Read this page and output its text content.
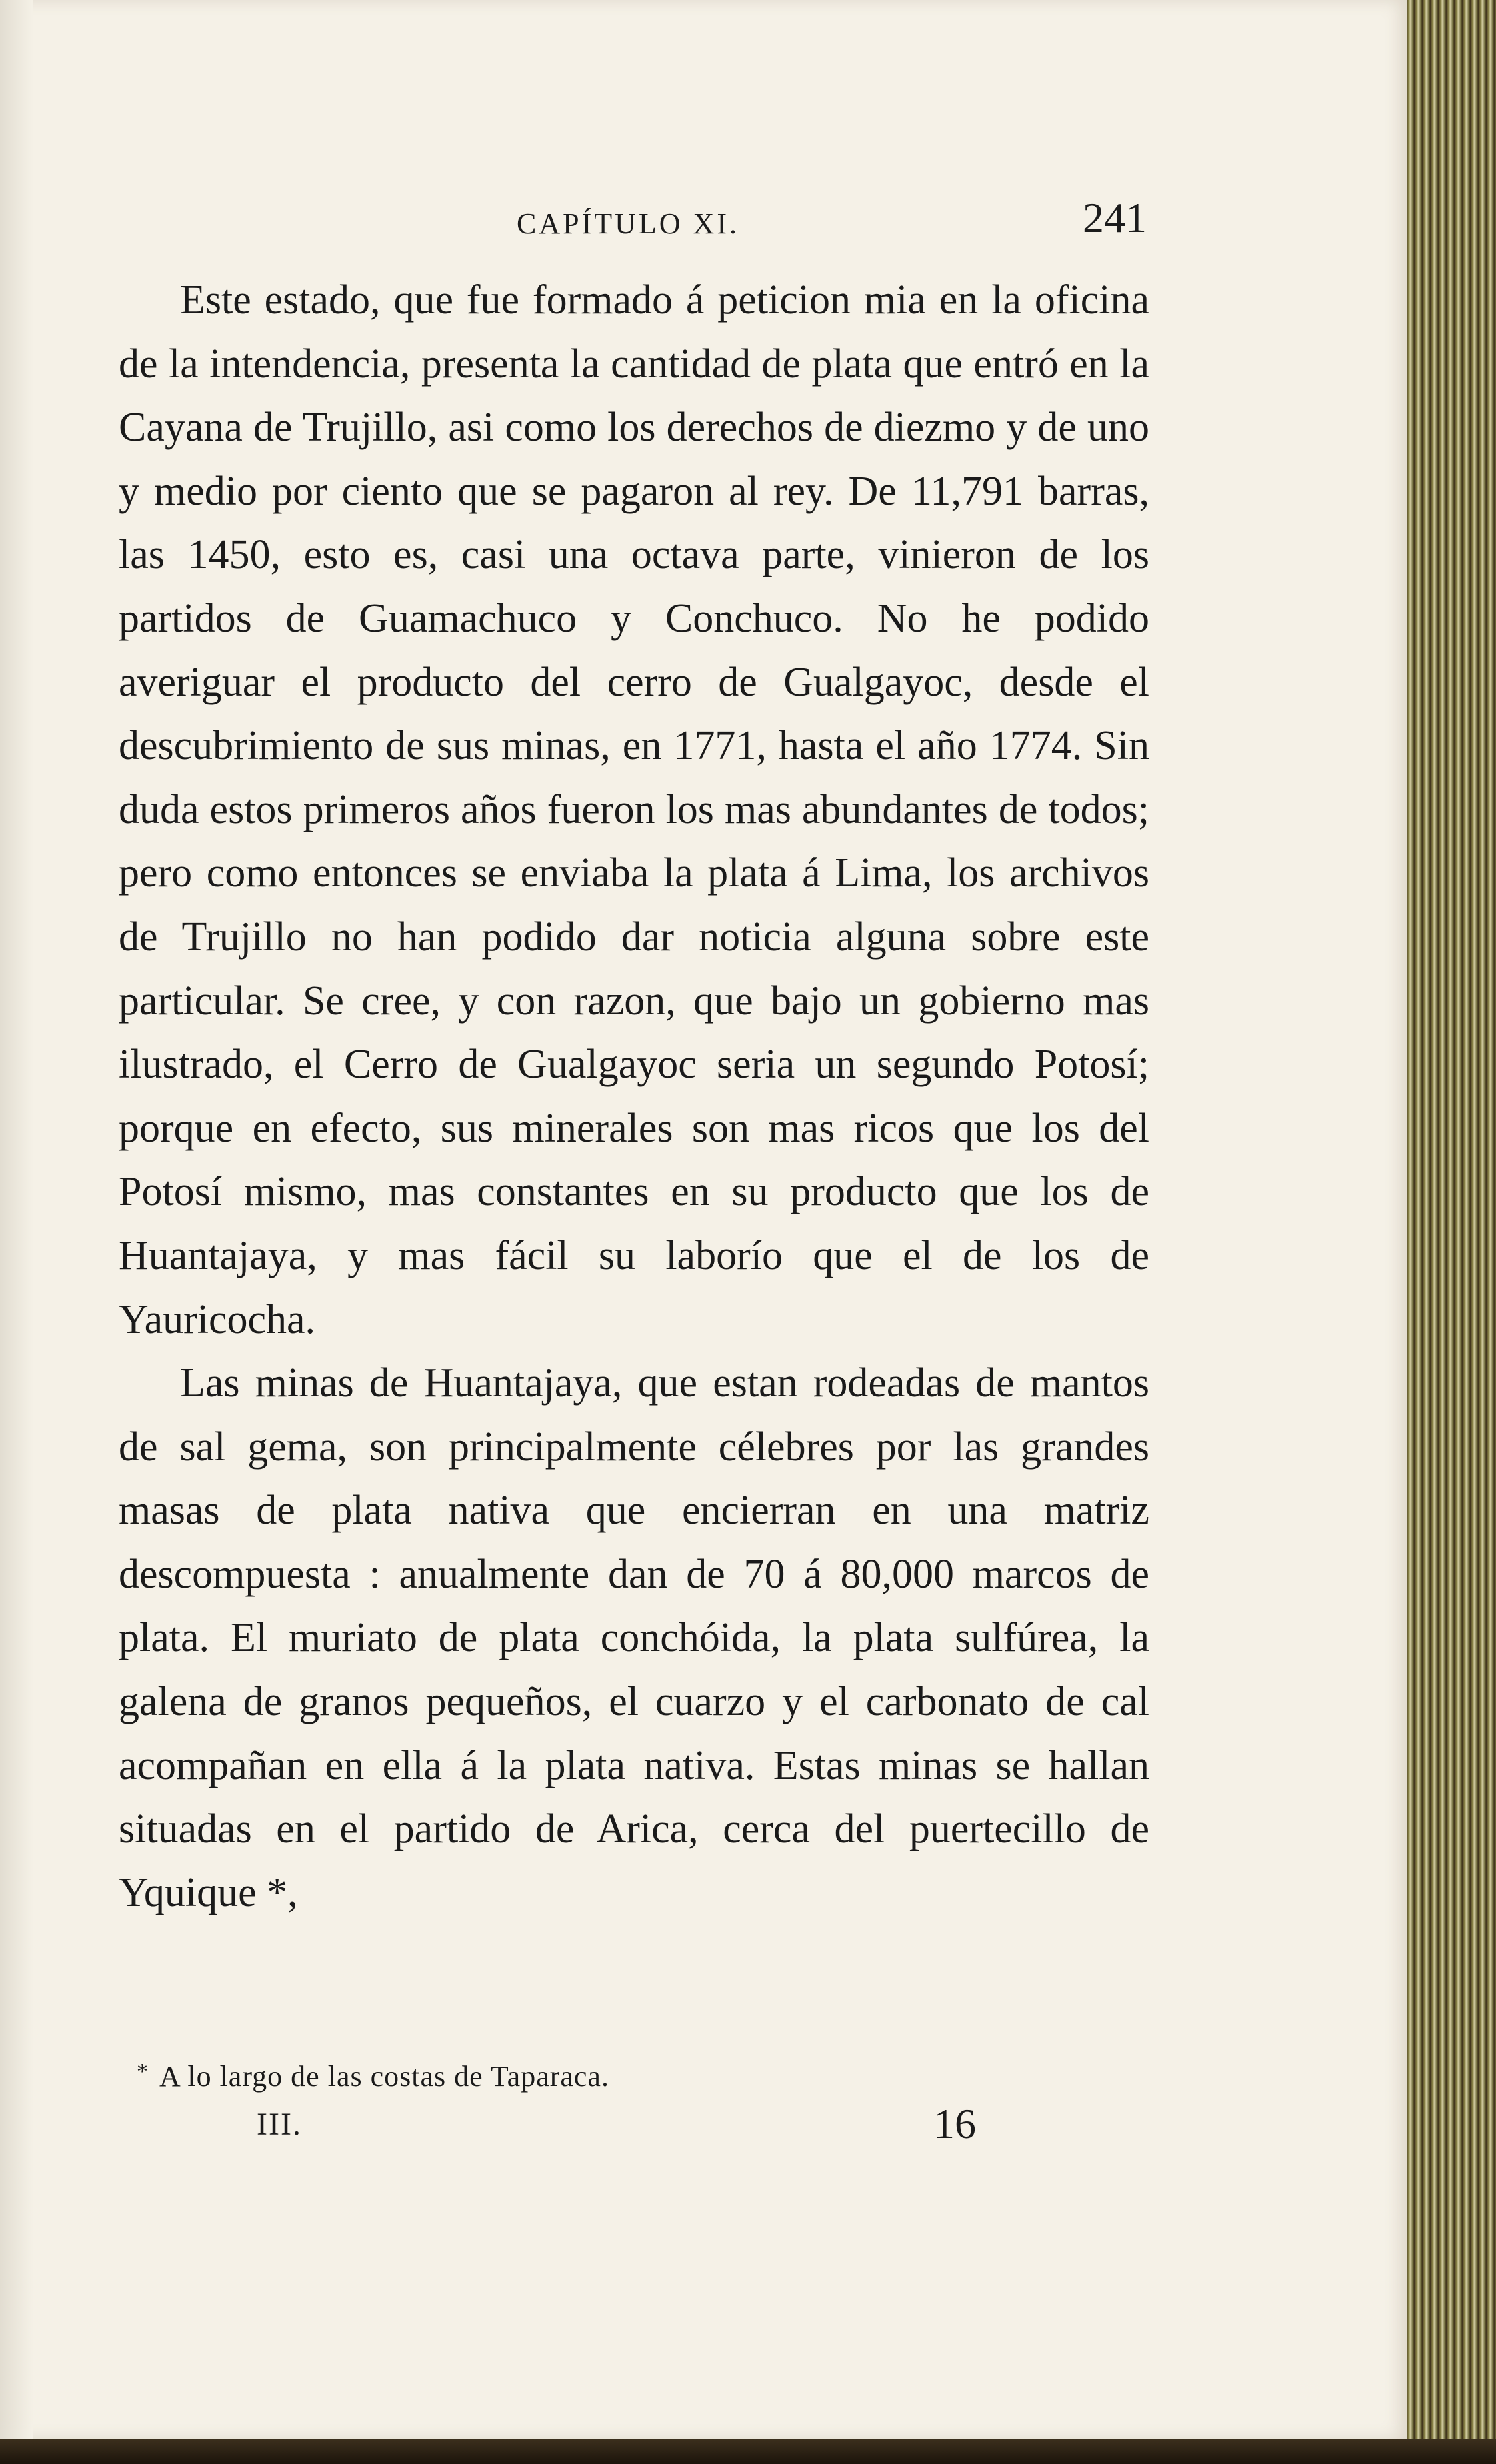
CAPÍTULO XI.	241

Este estado, que fue formado á peticion mia en la oficina de la intendencia, presenta la cantidad de plata que entró en la Cayana de Trujillo, asi como los derechos de diezmo y de uno y medio por ciento que se pagaron al rey. De 11,791 barras, las 1450, esto es, casi una octava parte, vinieron de los partidos de Guamachuco y Conchuco. No he podido averiguar el producto del cerro de Gualgayoc, desde el descubrimiento de sus minas, en 1771, hasta el año 1774. Sin duda estos primeros años fueron los mas abundantes de todos; pero como entonces se enviaba la plata á Lima, los archivos de Trujillo no han podido dar noticia alguna sobre este particular. Se cree, y con razon, que bajo un gobierno mas ilustrado, el Cerro de Gualgayoc seria un segundo Potosí; porque en efecto, sus minerales son mas ricos que los del Potosí mismo, mas constantes en su producto que los de Huantajaya, y mas fácil su laborío que el de los de Yauricocha.

Las minas de Huantajaya, que estan rodeadas de mantos de sal gema, son principalmente célebres por las grandes masas de plata nativa que encierran en una matriz descompuesta : anualmente dan de 70 á 80,000 marcos de plata. El muriato de plata conchóida, la plata sulfúrea, la galena de granos pequeños, el cuarzo y el carbonato de cal acompañan en ella á la plata nativa. Estas minas se hallan situadas en el partido de Arica, cerca del puertecillo de Yquique *,

* A lo largo de las costas de Taparaca.
III.	16
